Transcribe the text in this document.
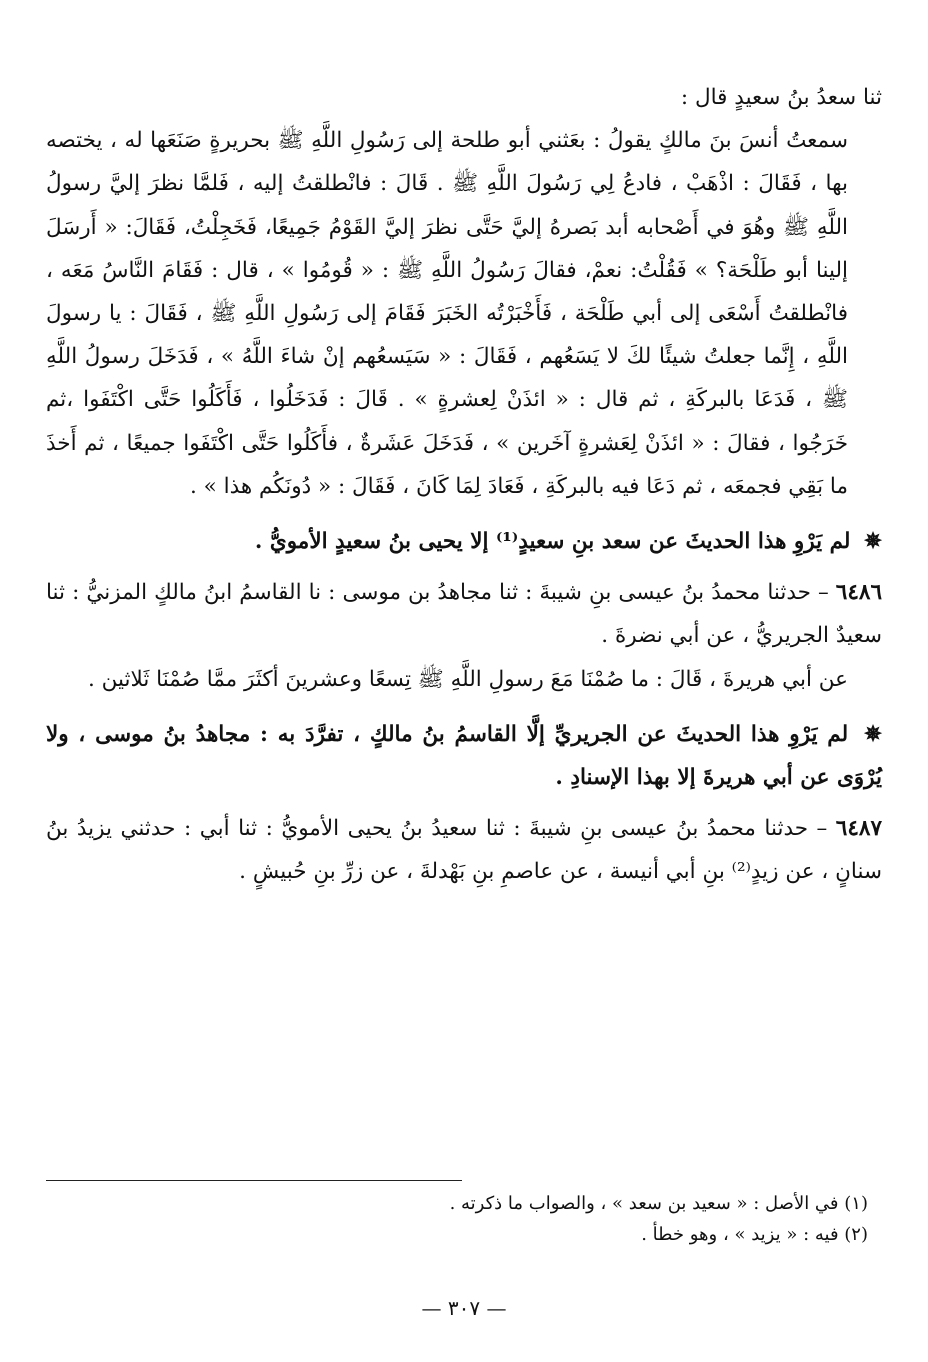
ثنا سعدُ بنُ سعيدٍ قال :

سمعتُ أنسَ بنَ مالكٍ يقولُ : بعَثني أبو طلحة إلى رَسُولِ اللَّهِ ﷺ بحريرةٍ صَنَعَها له ، يختصه بها ، فَقَالَ : اذْهَبْ ، فادعُ لِي رَسُولَ اللَّهِ ﷺ . قَالَ : فانْطلقتُ إليه ، فَلمَّا نظرَ إليَّ رسولُ اللَّهِ ﷺ وهُوَ في أَصْحابه أبد بَصرهُ إليَّ حَتَّى نظرَ إليَّ القَوْمُ جَمِيعًا، فَخَجِلْتُ، فَقَالَ: « أَرسَلَ إلينا أبو طَلْحَة؟ » فَقُلْتُ: نعمْ، فقالَ رَسُولُ اللَّهِ ﷺ : « قُومُوا » ، قال : فَقَامَ النَّاسُ مَعَه ، فانْطلقتُ أَسْعَى إلى أبي طَلْحَة ، فَأَخْبَرْتُه الخَبَرَ فَقَامَ إلى رَسُولِ اللَّهِ ﷺ ، فَقَالَ : يا رسولَ اللَّهِ ، إِنَّما جعلتُ شيئًا لكَ لا يَسَعُهم ، فَقَالَ : « سَيَسعُهم إنْ شاءَ اللَّهُ » ، فَدَخَلَ رسولُ اللَّهِ ﷺ ، فَدَعَا بالبركَةِ ، ثم قال : « ائذَنْ لِعشرةٍ » . قَالَ : فَدَخَلُوا ، فَأَكَلُوا حَتَّى اكْتَفَوا ،ثم خَرَجُوا ، فقالَ : « ائذَنْ لِعَشرةٍ آخَرين » ، فَدَخَلَ عَشَرةٌ ، فأَكَلُوا حَتَّى اكْتَفَوا جميعًا ، ثم أَخذَ ما بَقِي فجمعَه ، ثم دَعَا فيه بالبركَةِ ، فَعَادَ لِمَا كَانَ ، فَقَالَ : « دُونَكُم هذا » .

✵ لم يَرْوِ هذا الحديثَ عن سعد بنِ سعيدٍ⁽¹⁾ إلا يحيى بنُ سعيدٍ الأمويُّ .

٦٤٨٦ – حدثنا محمدُ بنُ عيسى بنِ شيبةَ : ثنا مجاهدُ بن موسى : نا القاسمُ ابنُ مالكٍ المزنيُّ : ثنا سعيدٌ الجريريُّ ، عن أبي نضرةَ .

عن أبي هريرةَ ، قَالَ : ما صُمْنَا مَعَ رسولِ اللَّهِ ﷺ تِسعًا وعشرينَ أكثَرَ ممَّا صُمْنَا ثَلاثين .

✵ لم يَرْوِ هذا الحديثَ عن الجريريِّ إلَّا القاسمُ بنُ مالكٍ ، تفرَّدَ به : مجاهدُ بنُ موسى ، ولا يُرْوَى عن أبي هريرةَ إلا بهذا الإسنادِ .

٦٤٨٧ – حدثنا محمدُ بنُ عيسى بنِ شيبةَ : ثنا سعيدُ بنُ يحيى الأمويُّ : ثنا أبي : حدثني يزيدُ بنُ سنانٍ ، عن زيدٍ⁽²⁾ بنِ أبي أنيسة ، عن عاصمِ بنِ بَهْدلةَ ، عن زرِّ بنِ حُبيشٍ .

(١) في الأصل : « سعيد بن سعد » ، والصواب ما ذكرته .

(٢) فيه : « يزيد » ، وهو خطأ .

— ٣٠٧ —
